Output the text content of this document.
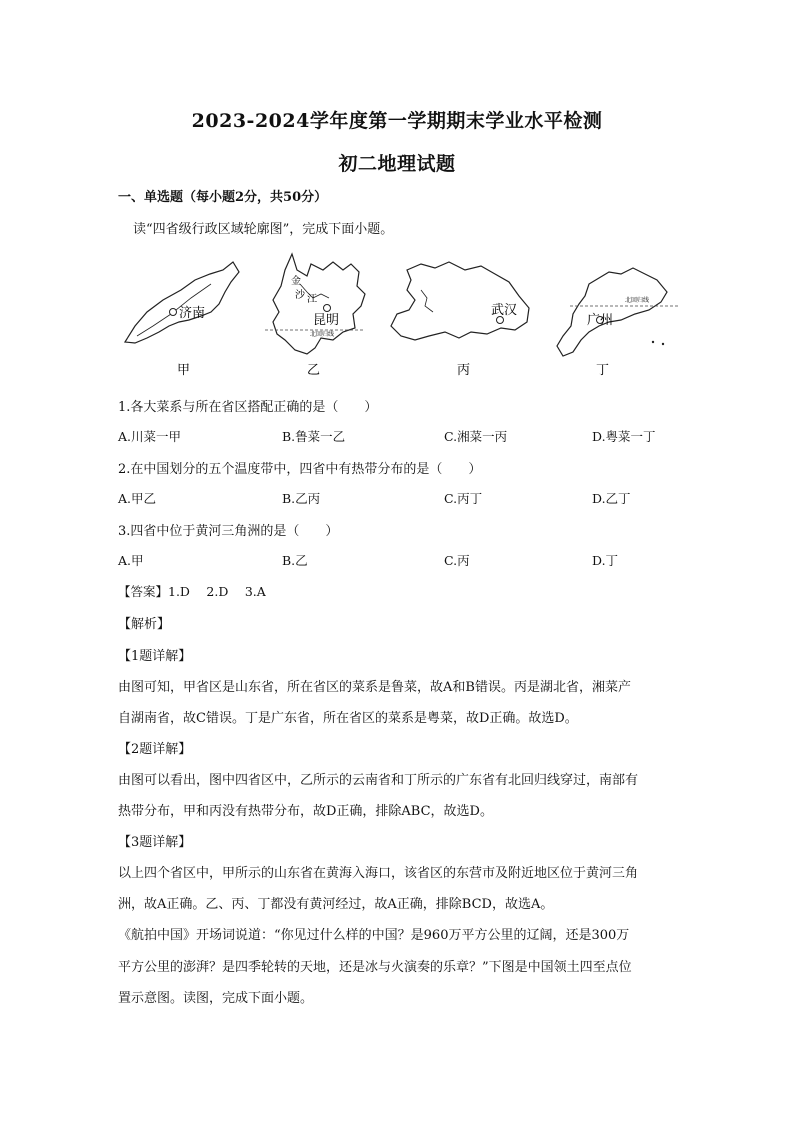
2023-2024学年度第一学期期末学业水平检测
初二地理试题
一、单选题（每小题2分，共50分）
读“四省级行政区域轮廓图”，完成下面小题。
济南
甲
昆明
金
沙 江
北回归线
乙
武汉
丙
广州
北回归线
丁
1.各大菜系与所在省区搭配正确的是（　　）
A.川菜一甲	B.鲁菜一乙	C.湘菜一丙	D.粤菜一丁
2.在中国划分的五个温度带中，四省中有热带分布的是（　　）
A.甲乙	B.乙丙	C.丙丁	D.乙丁
3.四省中位于黄河三角洲的是（　　）
A.甲	B.乙	C.丙	D.丁
【答案】1.D　 2.D　 3.A
【解析】
【1题详解】
由图可知，甲省区是山东省，所在省区的菜系是鲁菜，故A和B错误。丙是湖北省，湘菜产
自湖南省，故C错误。丁是广东省，所在省区的菜系是粤菜，故D正确。故选D。
【2题详解】
由图可以看出，图中四省区中，乙所示的云南省和丁所示的广东省有北回归线穿过，南部有
热带分布，甲和丙没有热带分布，故D正确，排除ABC，故选D。
【3题详解】
以上四个省区中，甲所示的山东省在黄海入海口，该省区的东营市及附近地区位于黄河三角
洲，故A正确。乙、丙、丁都没有黄河经过，故A正确，排除BCD，故选A。
《航拍中国》开场词说道：“你见过什么样的中国？是960万平方公里的辽阔，还是300万
平方公里的澎湃？是四季轮转的天地，还是冰与火演奏的乐章？”下图是中国领土四至点位
置示意图。读图，完成下面小题。
